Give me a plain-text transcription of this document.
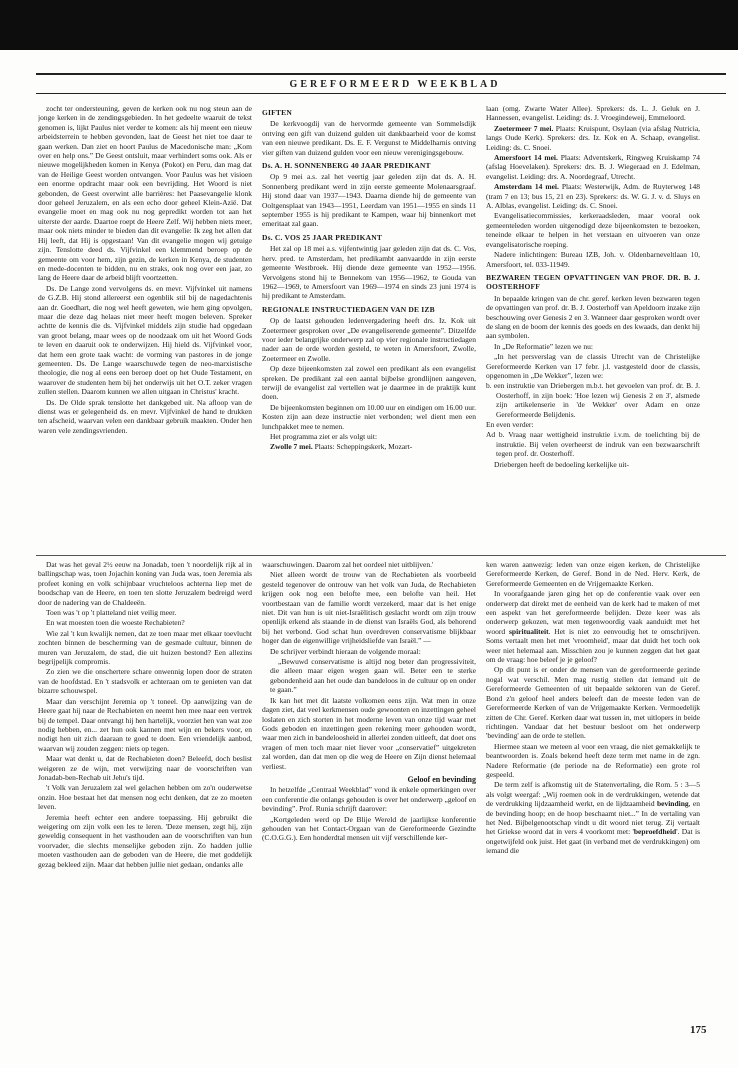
GEREFORMEERD WEEKBLAD

zocht ter ondersteuning, geven de kerken ook nu nog steun aan de jonge kerken in de zendingsgebieden. In het gedeelte waaruit de tekst genomen is, lijkt Paulus niet verder te komen: als hij meent een nieuw arbeidsterrein te hebben gevonden, laat de Geest het niet toe daar te gaan werken. Dan ziet en hoort Paulus de Macedonische man: „Kom over en help ons.” De Geest ontsluit, maar verhindert soms ook. Als er nieuwe mogelijkheden komen in Kenya (Pokot) en Peru, dan mag dat van de Heilige Geest worden ontvangen. Voor Paulus was het visioen een enorme opdracht maar ook een bevrijding. Het Woord is niet gebonden, de Geest overwint alle barrières: het Paasevangelie klonk door geheel Jeruzalem, en als een echo door geheel Klein-Azië. Dat evangelie moet en mag ook nu nog gepredikt worden tot aan het uiterste der aarde. Daartoe roept de Heere Zelf. Wij hebben niets meer, maar ook niets minder te bieden dan dit evangelie: Ik zeg het allen dat Hij leeft, dat Hij is opgestaan! Van dit evangelie mogen wij getuige zijn. Tenslotte deed ds. Vijfvinkel een klemmend beroep op de gemeente om voor hem, zijn gezin, de kerken in Kenya, de studenten en mede-docenten te bidden, nu en straks, ook nog over een jaar, zo lang de Heere daar de arbeid blijft voortzetten.

Ds. De Lange zond vervolgens ds. en mevr. Vijfvinkel uit namens de G.Z.B. Hij stond allereerst een ogenblik stil bij de nagedachtenis aan dr. Goedhart, die nog wel heeft geweten, wie hem ging opvolgen, maar die deze dag helaas niet meer heeft mogen beleven. Spreker achtte de kennis die ds. Vijfvinkel middels zijn studie had opgedaan van groot belang, maar wees op de noodzaak om uit het Woord Gods te leven en daaruit ook te onderwijzen. Hij hield ds. Vijfvinkel voor, dat hem een grote taak wacht: de vorming van pastores in de jonge gemeenten. Ds. De Lange waarschuwde tegen de neo-marxistische theologie, die nog al eens een beroep doet op het Oude Testament, en waarover de studenten hem bij het onderwijs uit het O.T. zeker vragen zullen stellen. Daarom kunnen we allen uitgaan in Christus' kracht.

Ds. De Olde sprak tenslotte het dankgebed uit. Na afloop van de dienst was er gelegenheid ds. en mevr. Vijfvinkel de hand te drukken ten afscheid, waarvan velen een dankbaar gebruik maakten. Onder hen waren vele zendingsvrienden.

GIFTEN

De kerkvoogdij van de hervormde gemeente van Sommelsdijk ontving een gift van duizend gulden uit dankbaarheid voor de komst van een nieuwe predikant. Ds. E. F. Vergunst te Middelharnis ontving vier giften van duizend gulden voor een nieuw verenigingsgebouw.

Ds. A. H. SONNENBERG 40 JAAR PREDIKANT

Op 9 mei a.s. zal het veertig jaar geleden zijn dat ds. A. H. Sonnenberg predikant werd in zijn eerste gemeente Molenaarsgraaf. Hij stond daar van 1937—1943. Daarna diende hij de gemeente van Ooltgensplaat van 1943—1951, Leerdam van 1951—1955 en sinds 11 september 1955 is hij predikant te Kampen, waar hij binnenkort met emeritaat zal gaan.

Ds. C. VOS 25 JAAR PREDIKANT

Het zal op 18 mei a.s. vijfentwintig jaar geleden zijn dat ds. C. Vos, herv. pred. te Amsterdam, het predikambt aanvaardde in zijn eerste gemeente Westbroek. Hij diende deze gemeente van 1952—1956. Vervolgens stond hij te Bennekom van 1956—1962, te Gouda van 1962—1969, te Amersfoort van 1969—1974 en sinds 23 juni 1974 is hij predikant te Amsterdam.

REGIONALE INSTRUCTIEDAGEN VAN DE IZB

Op de laatst gehouden ledenvergadering heeft drs. Iz. Kok uit Zoetermeer gesproken over „De evangeliserende gemeente”. Ditzelfde voor ieder belangrijke onderwerp zal op vier regionale instructiedagen nader aan de orde worden gesteld, te weten in Amersfoort, Zwolle, Zoetermeer en Zwolle.

Op deze bijeenkomsten zal zowel een predikant als een evangelist spreken. De predikant zal een aantal bijbelse grondlijnen aangeven, terwijl de evangelist zal vertellen wat je daarmee in de praktijk kunt doen.

De bijeenkomsten beginnen om 10.00 uur en eindigen om 16.00 uur. Kosten zijn aan deze instructie niet verbonden; wel dient men een lunchpakket mee te nemen.

Het programma ziet er als volgt uit:

Zwolle 7 mei. Plaats: Scheppingskerk, Mozart-

laan (omg. Zwarte Water Allee). Sprekers: ds. L. J. Geluk en J. Hannessen, evangelist. Leiding: ds. J. Vroegindeweij, Emmeloord.

Zoetermeer 7 mei. Plaats: Kruispunt, Osylaan (via afslag Nutricia, langs Oude Kerk). Sprekers: drs. Iz. Kok en A. Schaap, evangelist. Leiding: ds. C. Snoei.

Amersfoort 14 mei. Plaats: Adventskerk, Ringweg Kruiskamp 74 (afslag Hoevelaken). Sprekers: drs. B. J. Wiegeraad en J. Edelman, evangelist. Leiding: drs. A. Noordegraaf, Utrecht.

Amsterdam 14 mei. Plaats: Westerwijk, Adm. de Ruyterweg 148 (tram 7 en 13; bus 15, 21 en 23). Sprekers: ds. W. G. J. v. d. Sluys en A. Alblas, evangelist. Leiding: ds. C. Snoei.

Evangelisatiecommissies, kerkeraadsleden, maar vooral ook gemeenteleden worden uitgenodigd deze bijeenkomsten te bezoeken, teneinde elkaar te helpen in het verstaan en uitvoeren van onze evangelisatorische roeping.

Nadere inlichtingen: Bureau IZB, Joh. v. Oldenbarneveltlaan 10, Amersfoort, tel. 033-11949.

BEZWAREN TEGEN OPVATTINGEN VAN PROF. DR. B. J. OOSTERHOFF

In bepaalde kringen van de chr. geref. kerken leven bezwaren tegen de opvattingen van prof. dr. B. J. Oosterhoff van Apeldoorn inzake zijn beschouwing over Genesis 2 en 3. Wanneer daar gesproken wordt over de slang en de boom der kennis des goeds en des kwaads, dan denkt hij aan symbolen.

In „De Reformatie” lezen we nu:

„In het persverslag van de classis Utrecht van de Christelijke Gereformeerde Kerken van 17 febr. j.l. vastgesteld door de classis, opgenomen in „De Wekker”, lezen we:

b. een instruktie van Driebergen m.b.t. het gevoelen van prof. dr. B. J. Oosterhoff, in zijn boek: 'Hoe lezen wij Genesis 2 en 3', alsmede zijn artikelenserie in 'de Wekker' over Adam en onze Gereformeerde Belijdenis.

En even verder:

Ad b. Vraag naar wettigheid instruktie i.v.m. de toelichting bij de instruktie. Bij velen overheerst de indruk van een bezwaarschrift tegen prof. dr. Oosterhoff.

Driebergen heeft de bedoeling kerkelijke uit-

Dat was het geval 2½ eeuw na Jonadab, toen 't noordelijk rijk al in ballingschap was, toen Jojachin koning van Juda was, toen Jeremia als profeet koning en volk schijnbaar vruchteloos achterna liep met de boodschap van de Heere, en toen ten slotte Jeruzalem bedreigd werd door de nadering van de Chaldeeën.

Toen was 't op 't platteland niet veilig meer.

En wat moesten toen die woeste Rechabieten?

Wie zal 't kun kwalijk nemen, dat ze toen maar met elkaar toevlucht zochten binnen de bescherming van de gesmade cultuur, binnen de muren van Jeruzalem, de stad, die uit huizen bestond? Een allezins begrijpelijk compromis.

Zo zien we die onschertere schare onwennig lopen door de straten van de hoofdstad. En 't stadsvolk er achteraan om te genieten van dat bizarre schouwspel.

Maar dan verschijnt Jeremia op 't toneel. Op aanwijzing van de Heere gaat hij naar de Rechabieten en neemt hen mee naar een vertrek bij de tempel. Daar ontvangt hij hen hartelijk, voorziet hen van wat zoe nodig hebben, en... zet hun ook kannen met wijn en bekers voor, en nodigt hen uit zich daaraan te goed te doen. Een vriendelijk aanbod, waarvan wij zouden zeggen: niets op tegen.

Maar wat denkt u, dat de Rechabieten doen? Beleefd, doch beslist weigeren ze de wijn, met verwijzing naar de voorschriften van Jonadab-ben-Rechab uit Jehu's tijd.

't Volk van Jeruzalem zal wel gelachen hebben om zo'n ouderwetse onzin. Hoe bestaat het dat mensen nog echt denken, dat ze zo moeten leven.

Jeremia heeft echter een andere toepassing. Hij gebruikt die weigering om zijn volk een les te leren. 'Deze mensen, zegt hij, zijn geweldig consequent in het vasthouden aan de voorschriften van hun voorvader, die slechts menselijke geboden zijn. Zo hadden jullie moeten vasthouden aan de geboden van de Heere, die met goddelijk gezag bekleed zijn. Maar dat hebben jullie niet gedaan, ondanks alle

waarschuwingen. Daarom zal het oordeel niet uitblijven.'

Niet alleen wordt de trouw van de Rechabieten als voorbeeld gesteld tegenover de ontrouw van het volk van Juda, de Rechabieten krijgen ook nog een belofte mee, een belofte van heil. Het voortbestaan van de familie wordt verzekerd, maar dat is het enige niet. Dit van hun is uit niet-Israëlitisch geslacht wordt om zijn trouw openlijk erkend als staande in de dienst van Israëls God, als behorend bij het verbond. God schat hun overdreven conservatisme blijkbaar hoger dan de eigenwillige vrijheidsliefde van Israël.” —

De schrijver verbindt hieraan de volgende moraal:

„Bewuwd conservatisme is altijd nog beter dan progressiviteit, die alleen maar eigen wegen gaan wil. Beter een te sterke gebondenheid aan het oude dan bandeloos in de cultuur op en onder te gaan.”

Ik kan het met dit laatste volkomen eens zijn. Wat men in onze dagen ziet, dat veel kerkmensen oude gewoonten en inzettingen geheel loslaten en zich storten in het moderne leven van onze tijd waar met Gods geboden en inzettingen geen rekening meer gehouden wordt, waar men zich in bandeloosheid in allerlei zonden uitleeft, dat doet ons vragen of men toch maar niet liever voor „conservatief” uitgekreten zal worden, dan dat men op die weg de Heere en Zijn dienst helemaal verliest.

Geloof en bevinding

In hetzelfde „Centraal Weekblad” vond ik enkele opmerkingen over een conferentie die onlangs gehouden is over het onderwerp „geloof en bevinding”. Prof. Runia schrijft daarover:

„Kortgeleden werd op De Blije Wereld de jaarlijkse konferentie gehouden van het Contact-Orgaan van de Gereformeerde Gezindte (C.O.G.G.). Een honderdtal mensen uit vijf verschillende ker-

ken waren aanwezig: leden van onze eigen kerken, de Christelijke Gereformeerde Kerken, de Geref. Bond in de Ned. Herv. Kerk, de Gereformeerde Gemeenten en de Vrijgemaakte Kerken.

In voorafgaande jaren ging het op de conferentie vaak over een onderwerp dat direkt met de eenheid van de kerk had te maken of met een aspekt van het gereformeerde belijden. Deze keer was als onderwerp gekozen, wat men tegenwoordig vaak aanduidt met het woord spiritualiteit. Het is niet zo eenvoudig het te omschrijven. Soms vertaalt men het met 'vroomheid', maar dat duidt het toch ook weer niet helemaal aan. Misschien zou je kunnen zeggen dat het gaat om de vraag: hoe beleef je je geloof?

Op dit punt is er onder de mensen van de gereformeerde gezinde nogal wat verschil. Men mag rustig stellen dat iemand uit de Gereformeerde Gemeenten of uit bepaalde sektoren van de Geref. Bond z'n geloof heel anders beleeft dan de meeste leden van de Gereformeerde Kerken of van de Vrijgemaakte Kerken. Vermoedelijk zitten de Chr. Geref. Kerken daar wat tussen in, met uitlopers in beide richtingen. Vandaar dat het bestuur besloot om het onderwerp 'bevinding' aan de orde te stellen.

Hiermee staan we meteen al voor een vraag, die niet gemakkelijk te beantwoorden is. Zoals bekend heeft deze term met name in de zgn. Nadere Reformatie (de periode na de Reformatie) een grote rol gespeeld.

De term zelf is afkomstig uit de Statenvertaling, die Rom. 5 : 3—5 als volgt weergaf: „Wij roemen ook in de verdrukkingen, wetende dat de verdrukking lijdzaamheid werkt, en de lijdzaamheid bevinding, en de bevinding hoop; en de hoop beschaamt niet...” In de vertaling van het Ned. Bijbelgenootschap vindt u dit woord niet terug. Zij vertaalt het Griekse woord dat in vers 4 voorkomt met: 'beproefdheid'. Dat is ongetwijfeld ook juist. Het gaat (in verband met de verdrukkingen) om iemand die

175
